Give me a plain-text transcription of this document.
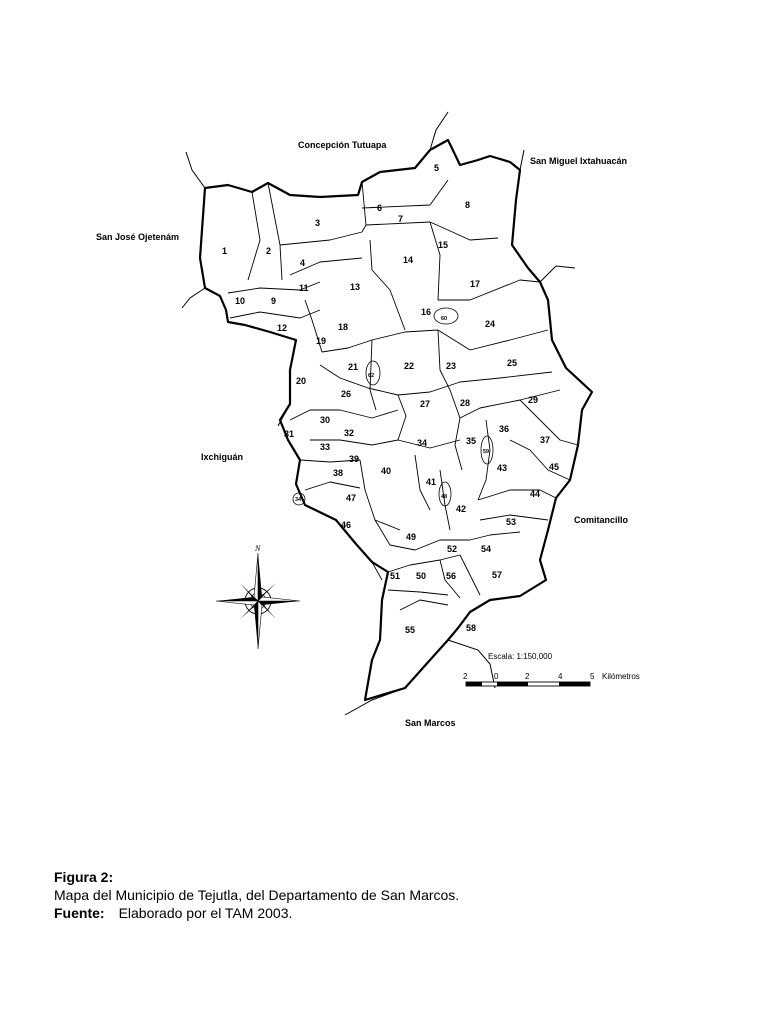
Concepción Tutuapa
San Miguel Ixtahuacán
San José Ojetenám
Ixchiguán
Comitancillo
San Marcos
1	2
3
4
5
6
7
8
9
10
11
12
13
14
15
16
17
18
19
20
21	22	23
24
25
26
27	28	29
30
31	32
33	34	35
36
37
38
39
40
41
42
43
44
45
46
47	48
49
50
51
52
53
54
55
56	57
58
59
60
62
34
N
Escala: 1:150,000
2	0	2	4	5 Kilómetros
Figura 2:
Mapa del Municipio de Tejutla, del Departamento de San Marcos.
Fuente: Elaborado por el TAM 2003.
